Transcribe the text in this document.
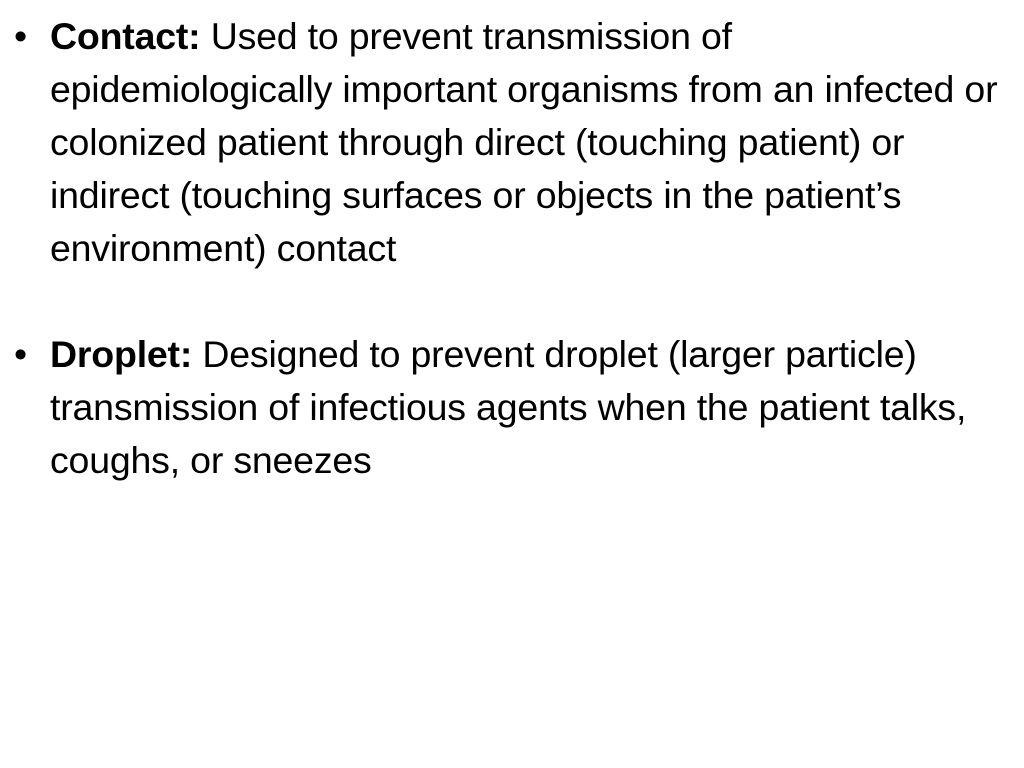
• Contact: Used to prevent transmission of epidemiologically important organisms from an infected or colonized patient through direct (touching patient) or indirect (touching surfaces or objects in the patient’s environment) contact
• Droplet: Designed to prevent droplet (larger particle) transmission of infectious agents when the patient talks, coughs, or sneezes
